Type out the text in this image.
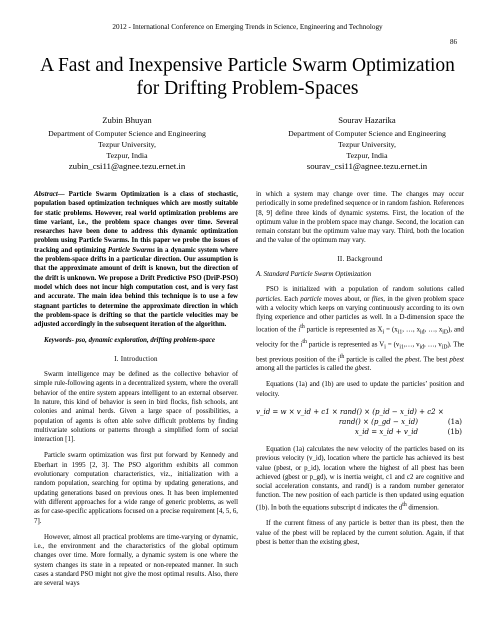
2012 - International Conference on Emerging Trends in Science, Engineering and Technology
86
A Fast and Inexpensive Particle Swarm Optimization
for Drifting Problem-Spaces
Zubin Bhuyan
Department of Computer Science and Engineering
Tezpur University,
Tezpur, India
zubin_csi11@agnee.tezu.ernet.in
Sourav Hazarika
Department of Computer Science and Engineering
Tezpur University,
Tezpur, India
sourav_csi11@agnee.tezu.ernet.in

Abstract— Particle Swarm Optimization is a class of stochastic, population based optimization techniques which are mostly suitable for static problems. However, real world optimization problems are time variant, i.e., the problem space changes over time. Several researches have been done to address this dynamic optimization problem using Particle Swarms. In this paper we probe the issues of tracking and optimizing Particle Swarms in a dynamic system where the problem-space drifts in a particular direction. Our assumption is that the approximate amount of drift is known, but the direction of the drift is unknown. We propose a Drift Predictive PSO (DriP-PSO) model which does not incur high computation cost, and is very fast and accurate. The main idea behind this technique is to use a few stagnant particles to determine the approximate direction in which the problem-space is drifting so that the particle velocities may be adjusted accordingly in the subsequent iteration of the algorithm.

Keywords- pso, dynamic exploration, drifting problem-space

I. Introduction

Swarm intelligence may be defined as the collective behavior of simple rule-following agents in a decentralized system, where the overall behavior of the entire system appears intelligent to an external observer. In nature, this kind of behavior is seen in bird flocks, fish schools, ant colonies and animal herds. Given a large space of possibilities, a population of agents is often able solve difficult problems by finding multivariate solutions or patterns through a simplified form of social interaction [1].

Particle swarm optimization was first put forward by Kennedy and Eberhart in 1995 [2, 3]. The PSO algorithm exhibits all common evolutionary computation characteristics, viz., initialization with a random population, searching for optima by updating generations, and updating generations based on previous ones. It has been implemented with different approaches for a wide range of generic problems, as well as for case-specific applications focused on a precise requirement [4, 5, 6, 7].

However, almost all practical problems are time-varying or dynamic, i.e., the environment and the characteristics of the global optimum changes over time. More formally, a dynamic system is one where the system changes its state in a repeated or non-repeated manner. In such cases a standard PSO might not give the most optimal results. Also, there are several ways

in which a system may change over time. The changes may occur periodically in some predefined sequence or in random fashion. References [8, 9] define three kinds of dynamic systems. First, the location of the optimum value in the problem space may change. Second, the location can remain constant but the optimum value may vary. Third, both the location and the value of the optimum may vary.

II. Background

A. Standard Particle Swarm Optimization

PSO is initialized with a population of random solutions called particles. Each particle moves about, or flies, in the given problem space with a velocity which keeps on varying continuously according to its own flying experience and other particles as well. In a D-dimension space the location of the $i^{th}$ particle is represented as $X_i = (x_{i1}$, …, $x_{id}$, …, $x_{iD}$), and velocity for the $i^{th}$ particle is represented as $V_i$ = ($v_{i1},\dots$, $v_{id}$, …, $v_{iD}$). The best previous position of the $i^{th}$ particle is called the pbest. The best pbest among all the particles is called the gbest.

Equations (1a) and (1b) are used to update the particles’ position and velocity.

v_id = w × v_id + c1 × rand() × (p_id − x_id) + c2 ×
rand() × (p_gd − x_id)	(1a)
x_id = x_id + v_id	(1b)

Equation (1a) calculates the new velocity of the particles based on its previous velocity (v_id), location where the particle has achieved its best value (pbest, or p_id), location where the highest of all pbest has been achieved (gbest or p_gd), w is inertia weight, c1 and c2 are cognitive and social acceleration constants, and rand() is a random number generator function. The new position of each particle is then updated using equation (1b). In both the equations subscript d indicates the $d^{th}$ dimension.

If the current fitness of any particle is better than its pbest, then the value of the pbest will be replaced by the current solution. Again, if that pbest is better than the existing gbest,
